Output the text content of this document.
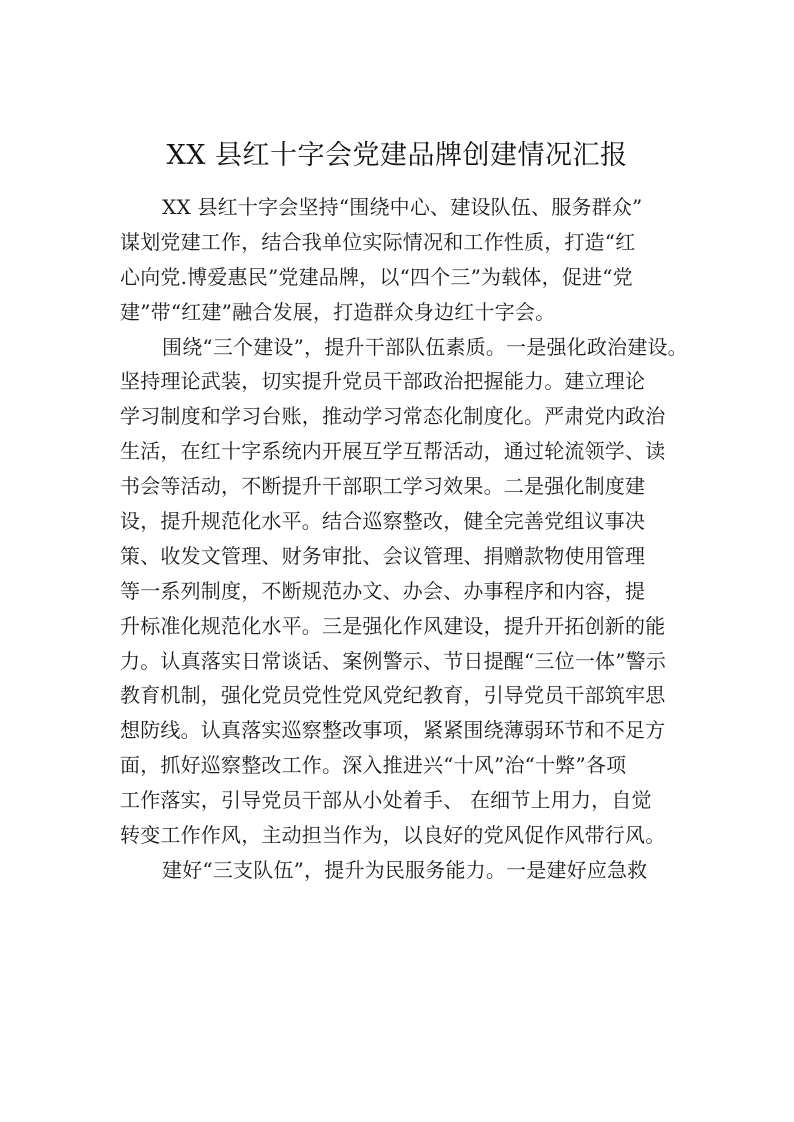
XX 县红十字会党建品牌创建情况汇报
XX 县红十字会坚持“围绕中心、建设队伍、服务群众”
谋划党建工作，结合我单位实际情况和工作性质，打造“红
心向党.博爱惠民”党建品牌，以“四个三”为载体，促进“党
建”带“红建”融合发展，打造群众身边红十字会。
围绕“三个建设”，提升干部队伍素质。一是强化政治建设。
坚持理论武装，切实提升党员干部政治把握能力。建立理论
学习制度和学习台账，推动学习常态化制度化。严肃党内政治
生活，在红十字系统内开展互学互帮活动，通过轮流领学、读
书会等活动，不断提升干部职工学习效果。二是强化制度建
设，提升规范化水平。结合巡察整改，健全完善党组议事决
策、收发文管理、财务审批、会议管理、捐赠款物使用管理
等一系列制度，不断规范办文、办会、办事程序和内容，提
升标准化规范化水平。三是强化作风建设，提升开拓创新的能
力。认真落实日常谈话、案例警示、节日提醒“三位一体”警示
教育机制，强化党员党性党风党纪教育，引导党员干部筑牢思
想防线。认真落实巡察整改事项，紧紧围绕薄弱环节和不足方
面，抓好巡察整改工作。深入推进兴“十风”治“十弊”各项
工作落实，引导党员干部从小处着手、 在细节上用力，自觉
转变工作作风，主动担当作为，以良好的党风促作风带行风。
建好“三支队伍”，提升为民服务能力。一是建好应急救
